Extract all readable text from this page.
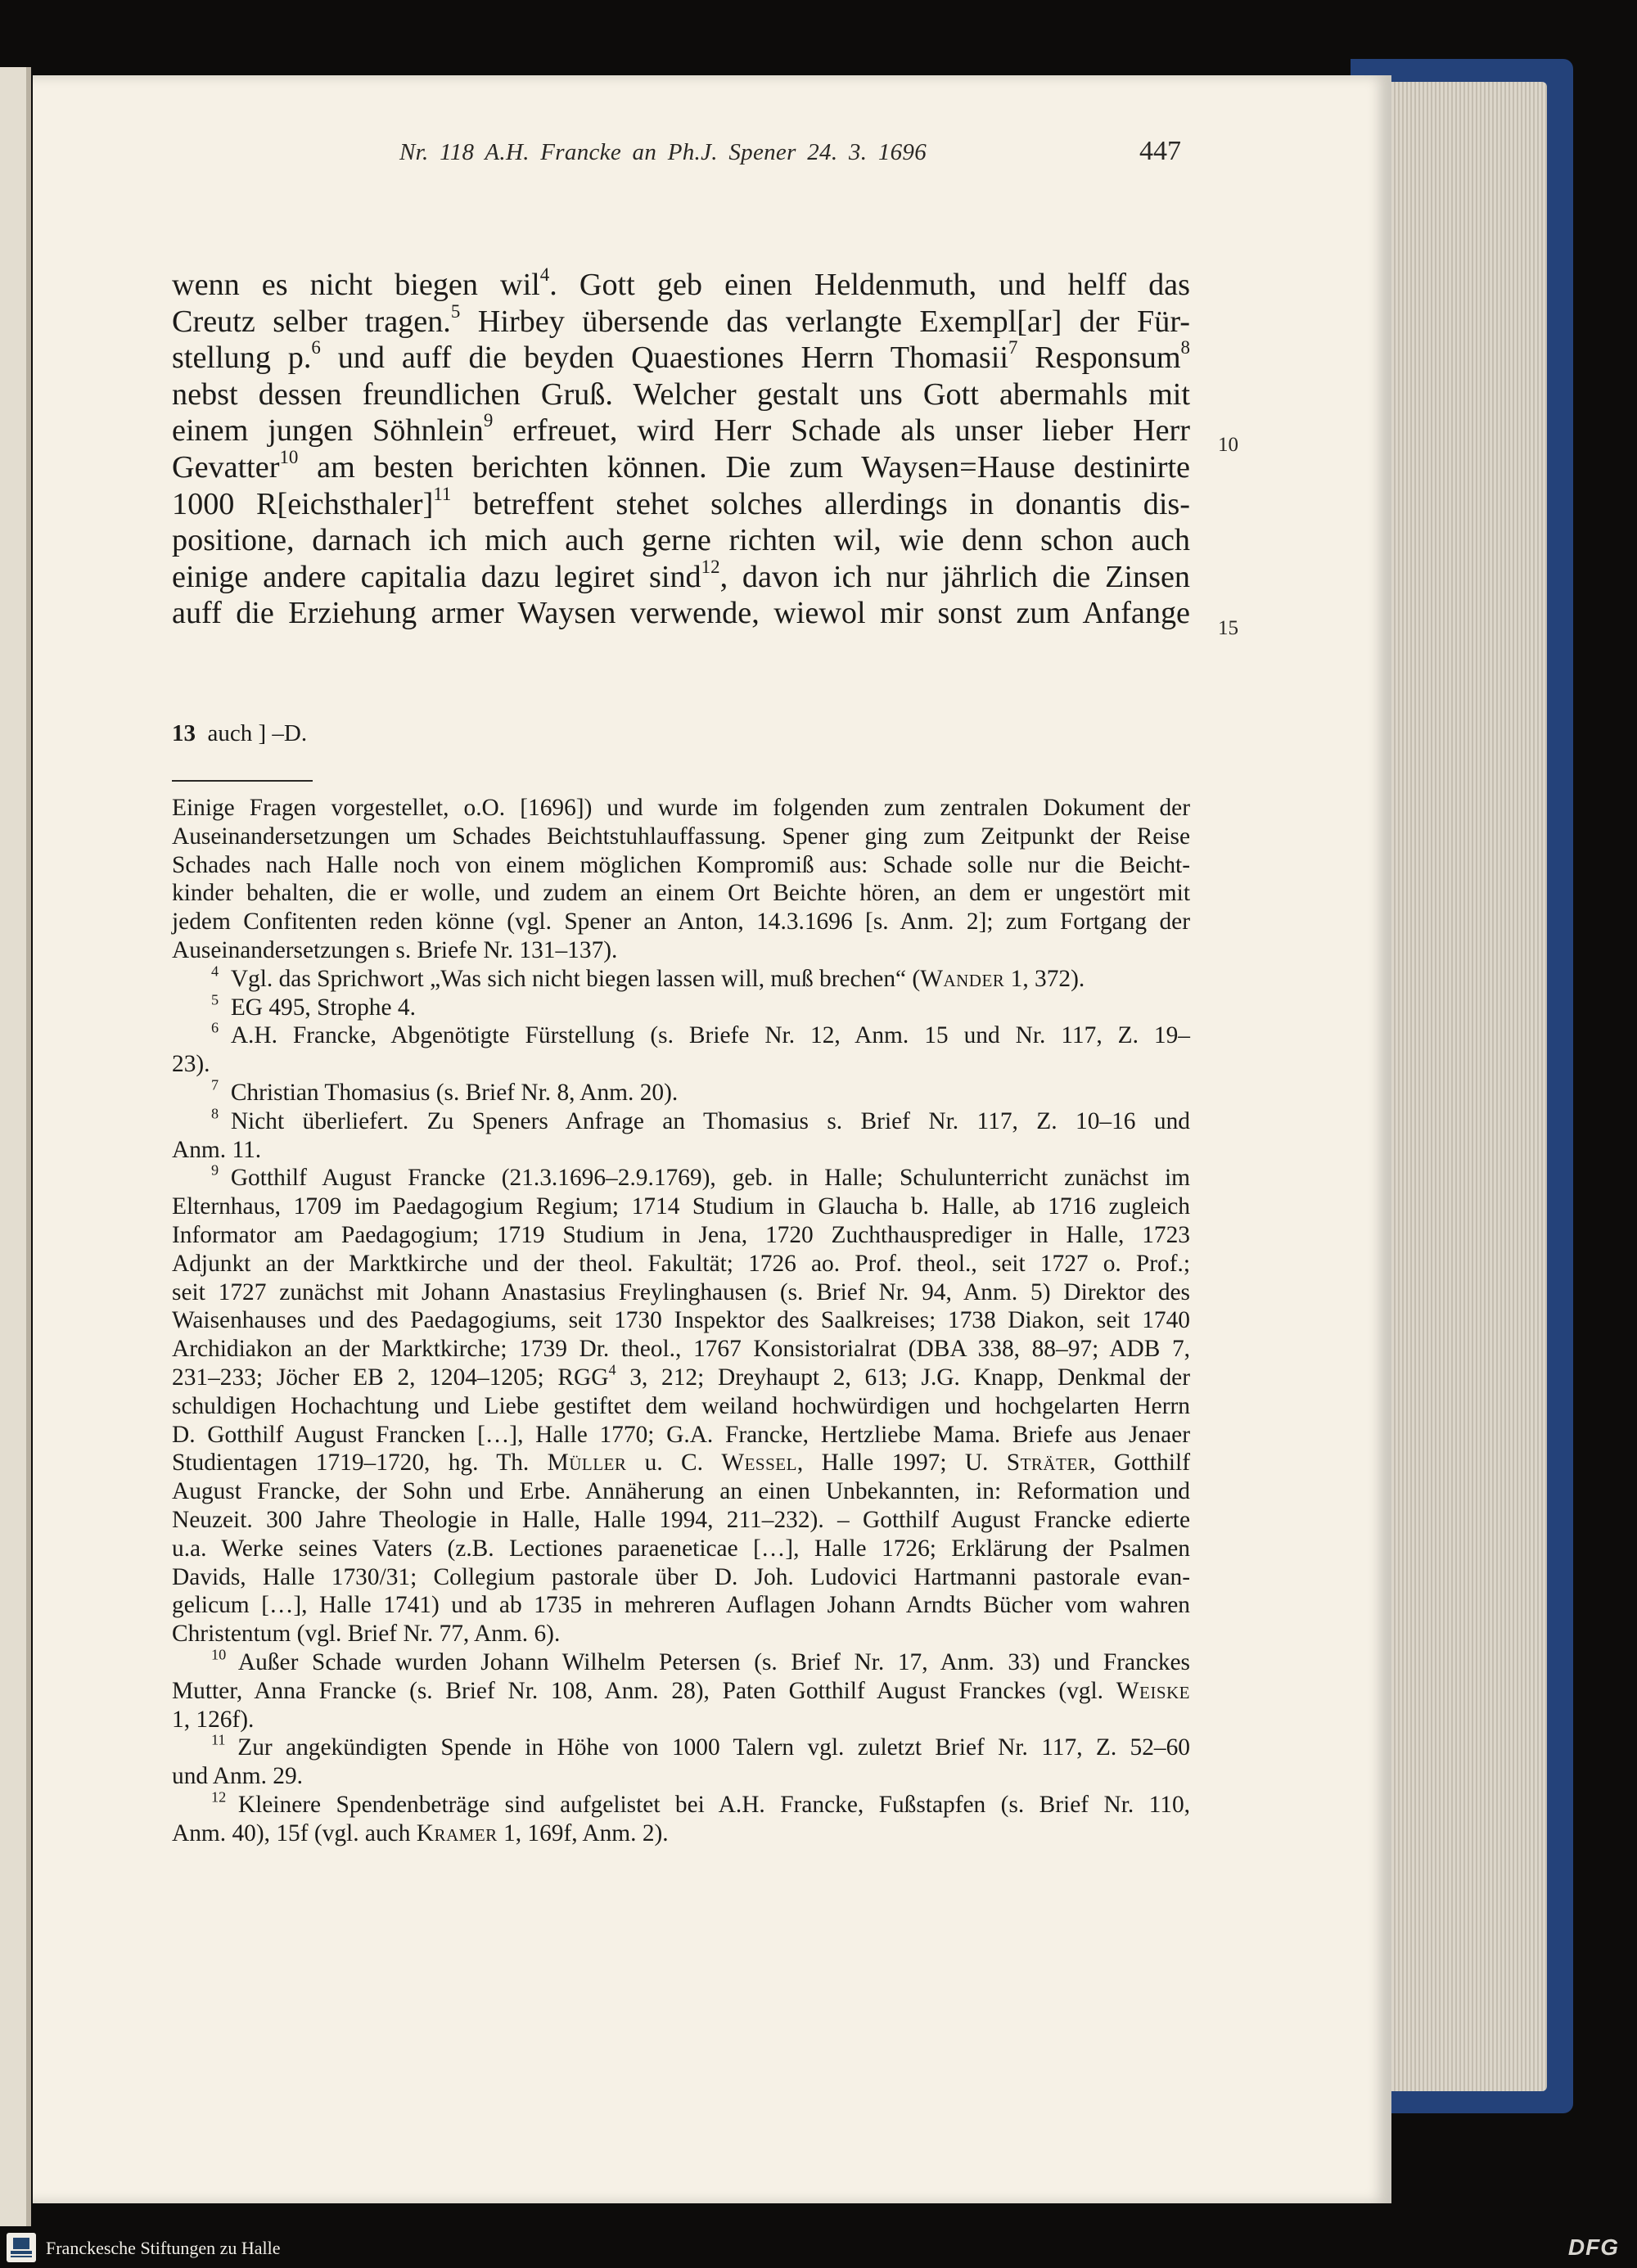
Nr. 118 A.H. Francke an Ph.J. Spener 24. 3. 1696	447
wenn es nicht biegen wil$^4$. Gott geb einen Heldenmuth, und helff das
Creutz selber tragen.$^5$ Hirbey übersende das verlangte Exempl[ar] der Für-
stellung p.$^6$ und auff die beyden Quaestiones Herrn Thomasii$^7$ Responsum$^8$
nebst dessen freundlichen Gruß. Welcher gestalt uns Gott abermahls mit
einem jungen Söhnlein$^9$ erfreuet, wird Herr Schade als unser lieber Herr
Gevatter$^{10}$ am besten berichten können. Die zum Waysen=Hause destinirte
1000 R[eichsthaler]$^{11}$ betreffent stehet solches allerdings in donantis dis-
positione, darnach ich mich auch gerne richten wil, wie denn schon auch
einige andere capitalia dazu legiret sind$^{12}$, davon ich nur jährlich die Zinsen
auff die Erziehung armer Waysen verwende, wiewol mir sonst zum Anfange
10
15
13 auch ] –D.
Einige Fragen vorgestellet, o.O. [1696]) und wurde im folgenden zum zentralen Dokument der
Auseinandersetzungen um Schades Beichtstuhlauffassung. Spener ging zum Zeitpunkt der Reise
Schades nach Halle noch von einem möglichen Kompromiß aus: Schade solle nur die Beicht-
kinder behalten, die er wolle, und zudem an einem Ort Beichte hören, an dem er ungestört mit
jedem Confitenten reden könne (vgl. Spener an Anton, 14.3.1696 [s. Anm. 2]; zum Fortgang der
Auseinandersetzungen s. Briefe Nr. 131–137).
$^4$  Vgl. das Sprichwort „Was sich nicht biegen lassen will, muß brechen“ (Wander 1, 372).
$^5$  EG 495, Strophe 4.
$^6$  A.H. Francke, Abgenötigte Fürstellung (s. Briefe Nr. 12, Anm. 15 und Nr. 117, Z. 19–
23).
$^7$  Christian Thomasius (s. Brief Nr. 8, Anm. 20).
$^8$  Nicht überliefert. Zu Speners Anfrage an Thomasius s. Brief Nr. 117, Z. 10–16 und
Anm. 11.
$^9$  Gotthilf August Francke (21.3.1696–2.9.1769), geb. in Halle; Schulunterricht zunächst im
Elternhaus, 1709 im Paedagogium Regium; 1714 Studium in Glaucha b. Halle, ab 1716 zugleich
Informator am Paedagogium; 1719 Studium in Jena, 1720 Zuchthausprediger in Halle, 1723
Adjunkt an der Marktkirche und der theol. Fakultät; 1726 ao. Prof. theol., seit 1727 o. Prof.;
seit 1727 zunächst mit Johann Anastasius Freylinghausen (s. Brief Nr. 94, Anm. 5) Direktor des
Waisenhauses und des Paedagogiums, seit 1730 Inspektor des Saalkreises; 1738 Diakon, seit 1740
Archidiakon an der Marktkirche; 1739 Dr. theol., 1767 Konsistorialrat (DBA 338, 88–97; ADB 7,
231–233; Jöcher EB 2, 1204–1205; RGG$^4$ 3, 212; Dreyhaupt 2, 613; J.G. Knapp, Denkmal der
schuldigen Hochachtung und Liebe gestiftet dem weiland hochwürdigen und hochgelarten Herrn
D. Gotthilf August Francken […], Halle 1770; G.A. Francke, Hertzliebe Mama. Briefe aus Jenaer
Studientagen 1719–1720, hg. Th. Müller u. C. Wessel, Halle 1997; U. Sträter, Gotthilf
August Francke, der Sohn und Erbe. Annäherung an einen Unbekannten, in: Reformation und
Neuzeit. 300 Jahre Theologie in Halle, Halle 1994, 211–232). – Gotthilf August Francke edierte
u.a. Werke seines Vaters (z.B. Lectiones paraeneticae […], Halle 1726; Erklärung der Psalmen
Davids, Halle 1730/31; Collegium pastorale über D. Joh. Ludovici Hartmanni pastorale evan-
gelicum […], Halle 1741) und ab 1735 in mehreren Auflagen Johann Arndts Bücher vom wahren
Christentum (vgl. Brief Nr. 77, Anm. 6).
$^{10}$  Außer Schade wurden Johann Wilhelm Petersen (s. Brief Nr. 17, Anm. 33) und Franckes
Mutter, Anna Francke (s. Brief Nr. 108, Anm. 28), Paten Gotthilf August Franckes (vgl. Weiske
1, 126f).
$^{11}$  Zur angekündigten Spende in Höhe von 1000 Talern vgl. zuletzt Brief Nr. 117, Z. 52–60
und Anm. 29.
$^{12}$  Kleinere Spendenbeträge sind aufgelistet bei A.H. Francke, Fußstapfen (s. Brief Nr. 110,
Anm. 40), 15f (vgl. auch Kramer 1, 169f, Anm. 2).
Franckesche Stiftungen zu Halle	DFG
